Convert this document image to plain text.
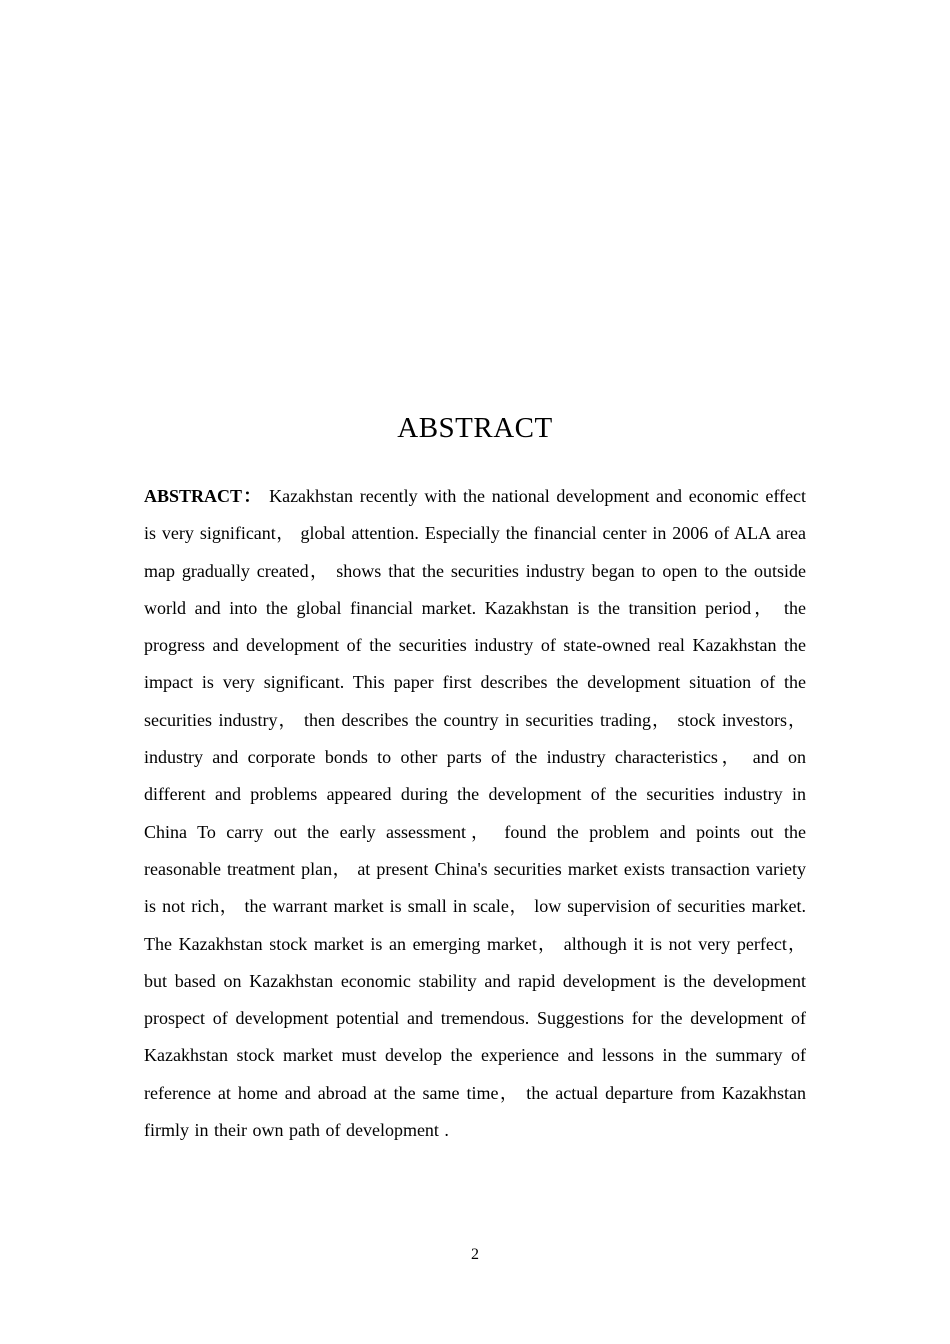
ABSTRACT

ABSTRACT： Kazakhstan recently with the national development and economic effect is very significant， global attention. Especially the financial center in 2006 of ALA area map gradually created， shows that the securities industry began to open to the outside world and into the global financial market. Kazakhstan is the transition period， the progress and development of the securities industry of state-owned real Kazakhstan the impact is very significant. This paper first describes the development situation of the securities industry， then describes the country in securities trading， stock investors， industry and corporate bonds to other parts of the industry characteristics， and on different and problems appeared during the development of the securities industry in China To carry out the early assessment， found the problem and points out the reasonable treatment plan， at present China's securities market exists transaction variety is not rich， the warrant market is small in scale， low supervision of securities market. The Kazakhstan stock market is an emerging market， although it is not very perfect， but based on Kazakhstan economic stability and rapid development is the development prospect of development potential and tremendous. Suggestions for the development of Kazakhstan stock market must develop the experience and lessons in the summary of reference at home and abroad at the same time， the actual departure from Kazakhstan firmly in their own path of development .

2
